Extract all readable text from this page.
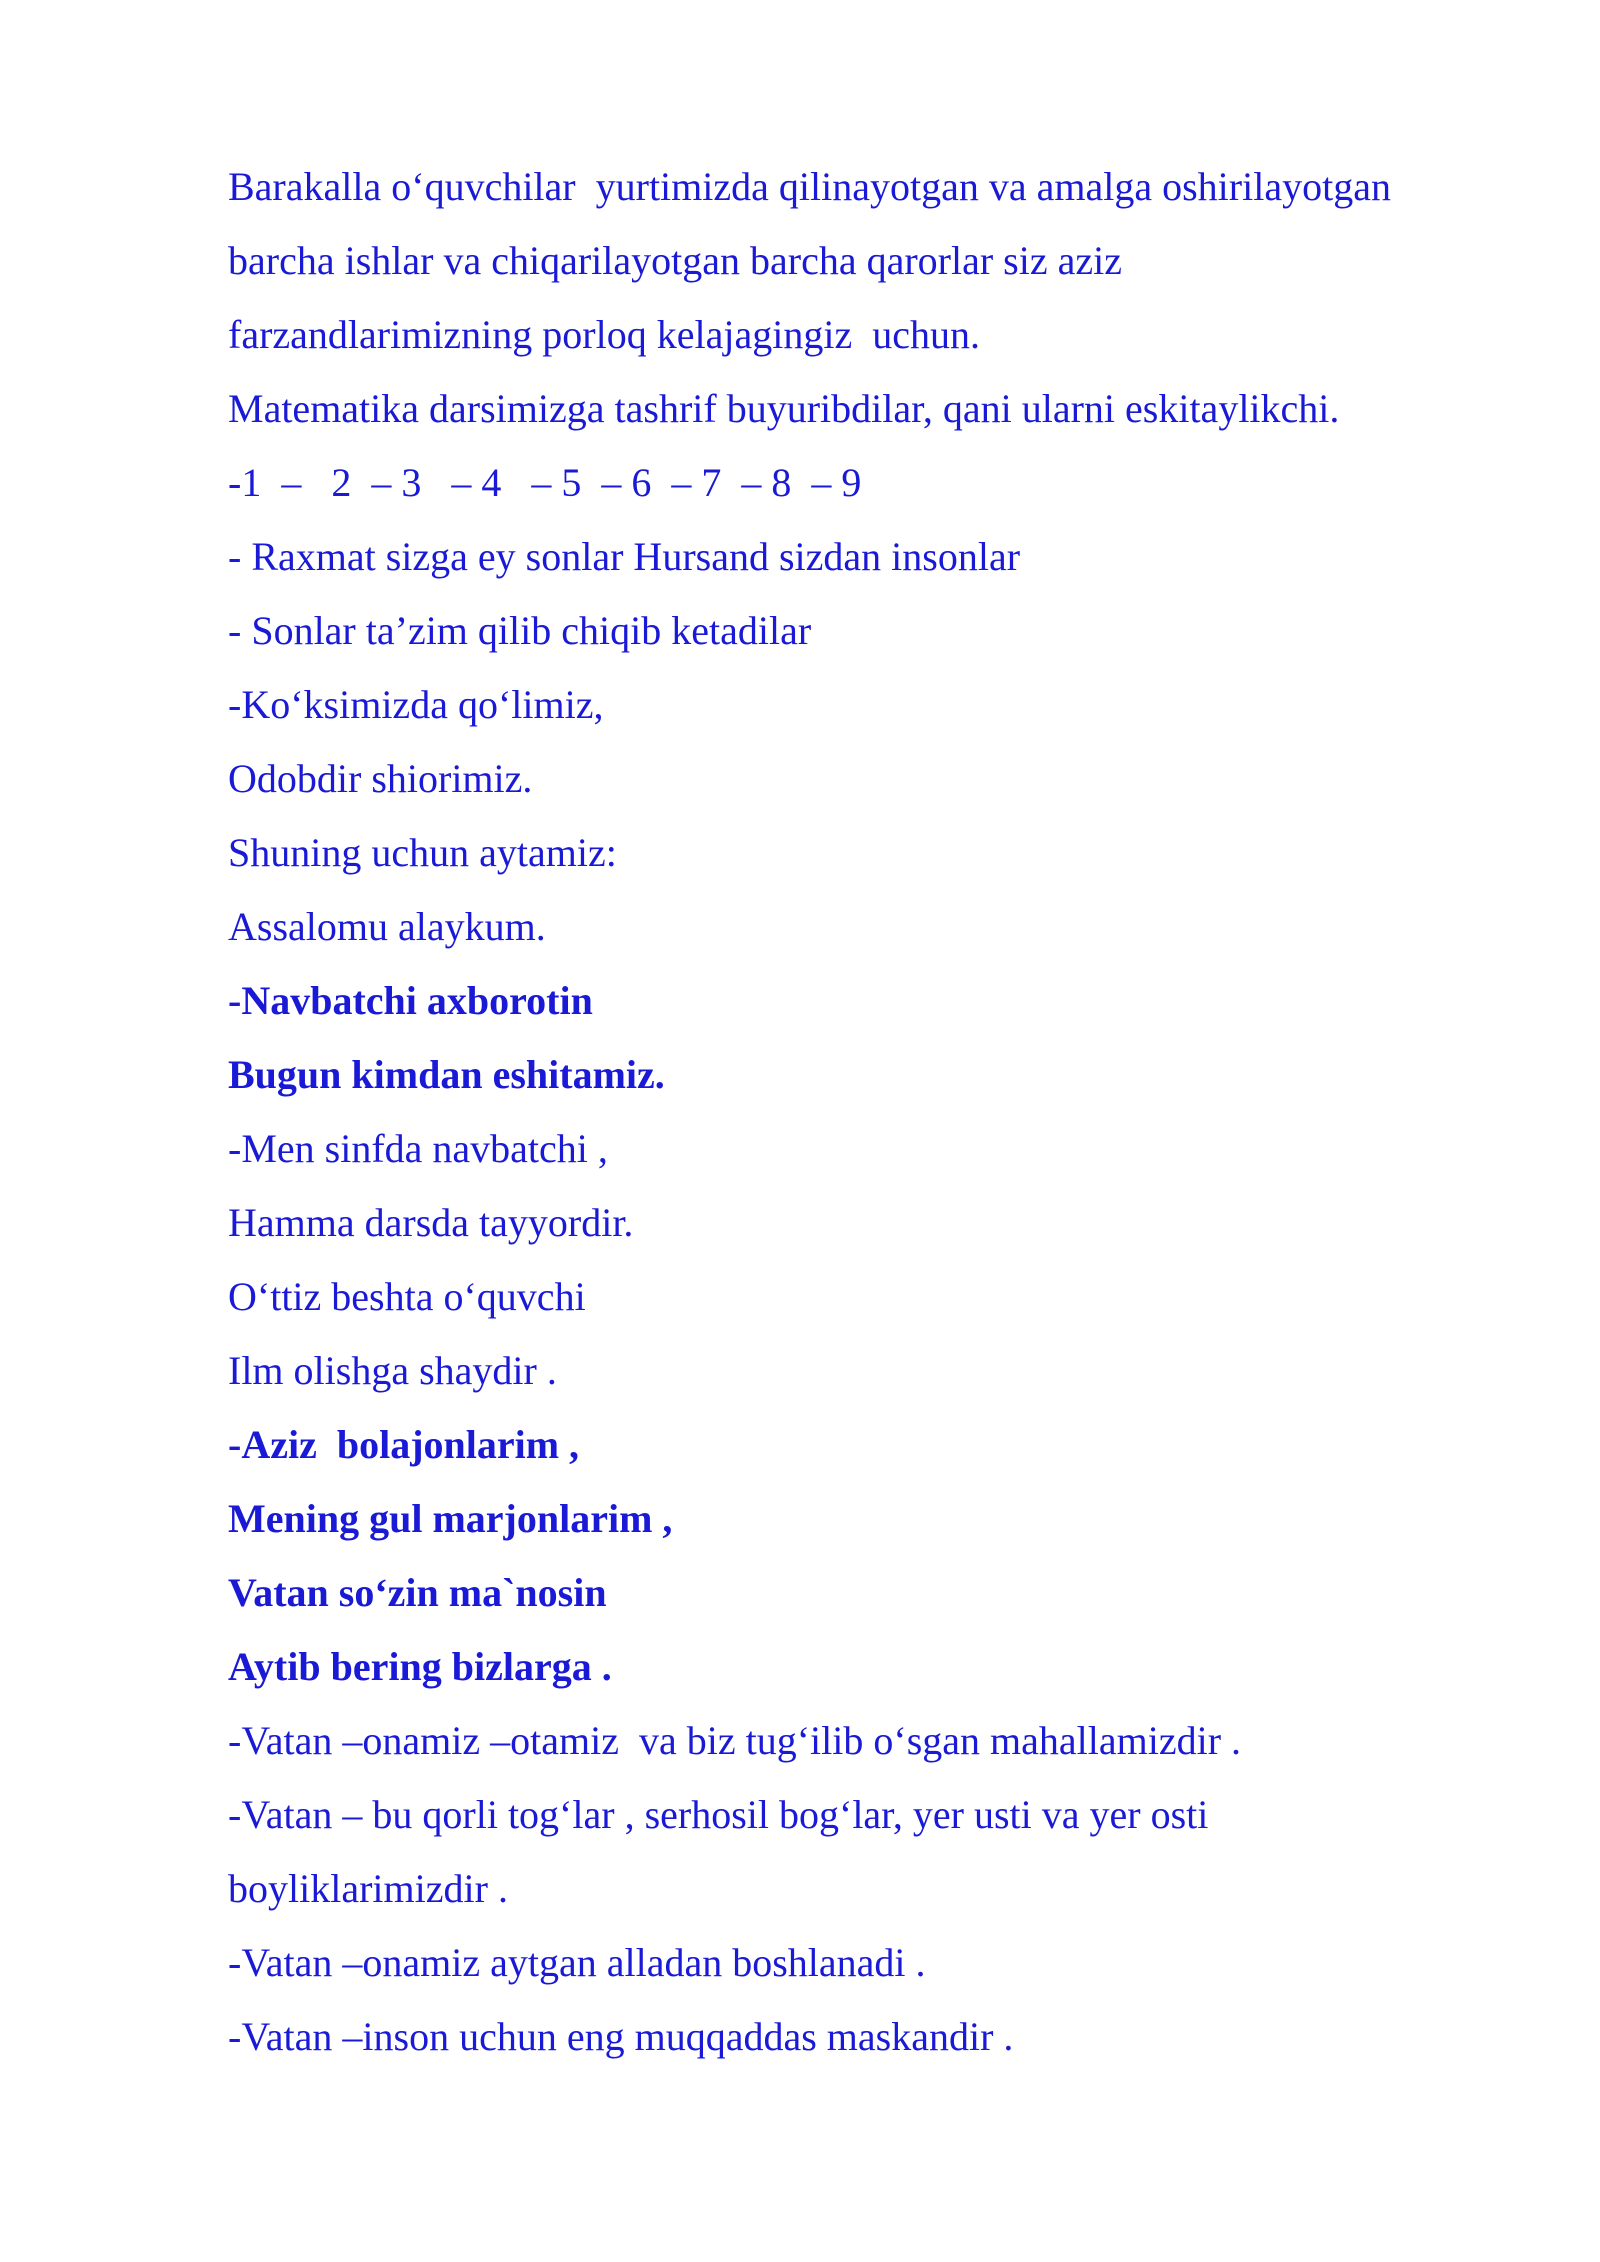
Barakalla o‘quvchilar  yurtimizda qilinayotgan va amalga oshirilayotgan
barcha ishlar va chiqarilayotgan barcha qarorlar siz aziz
farzandlarimizning porloq kelajagingiz  uchun.
Matematika darsimizga tashrif buyuribdilar, qani ularni eskitaylikchi.
-1  –   2  – 3   – 4   – 5  – 6  – 7  – 8  – 9
- Raxmat sizga ey sonlar Hursand sizdan insonlar
- Sonlar ta’zim qilib chiqib ketadilar
-Ko‘ksimizda qo‘limiz,
Odobdir shiorimiz.
Shuning uchun aytamiz:
Assalomu alaykum.
-Navbatchi axborotin
Bugun kimdan eshitamiz.
-Men sinfda navbatchi ,
Hamma darsda tayyordir.
O‘ttiz beshta o‘quvchi
Ilm olishga shaydir .
-Aziz  bolajonlarim ,
Mening gul marjonlarim ,
Vatan so‘zin ma`nosin
Aytib bering bizlarga .
-Vatan –onamiz –otamiz  va biz tug‘ilib o‘sgan mahallamizdir .
-Vatan – bu qorli tog‘lar , serhosil bog‘lar, yer usti va yer osti
boyliklarimizdir .
-Vatan –onamiz aytgan alladan boshlanadi .
-Vatan –inson uchun eng muqqaddas maskandir .
